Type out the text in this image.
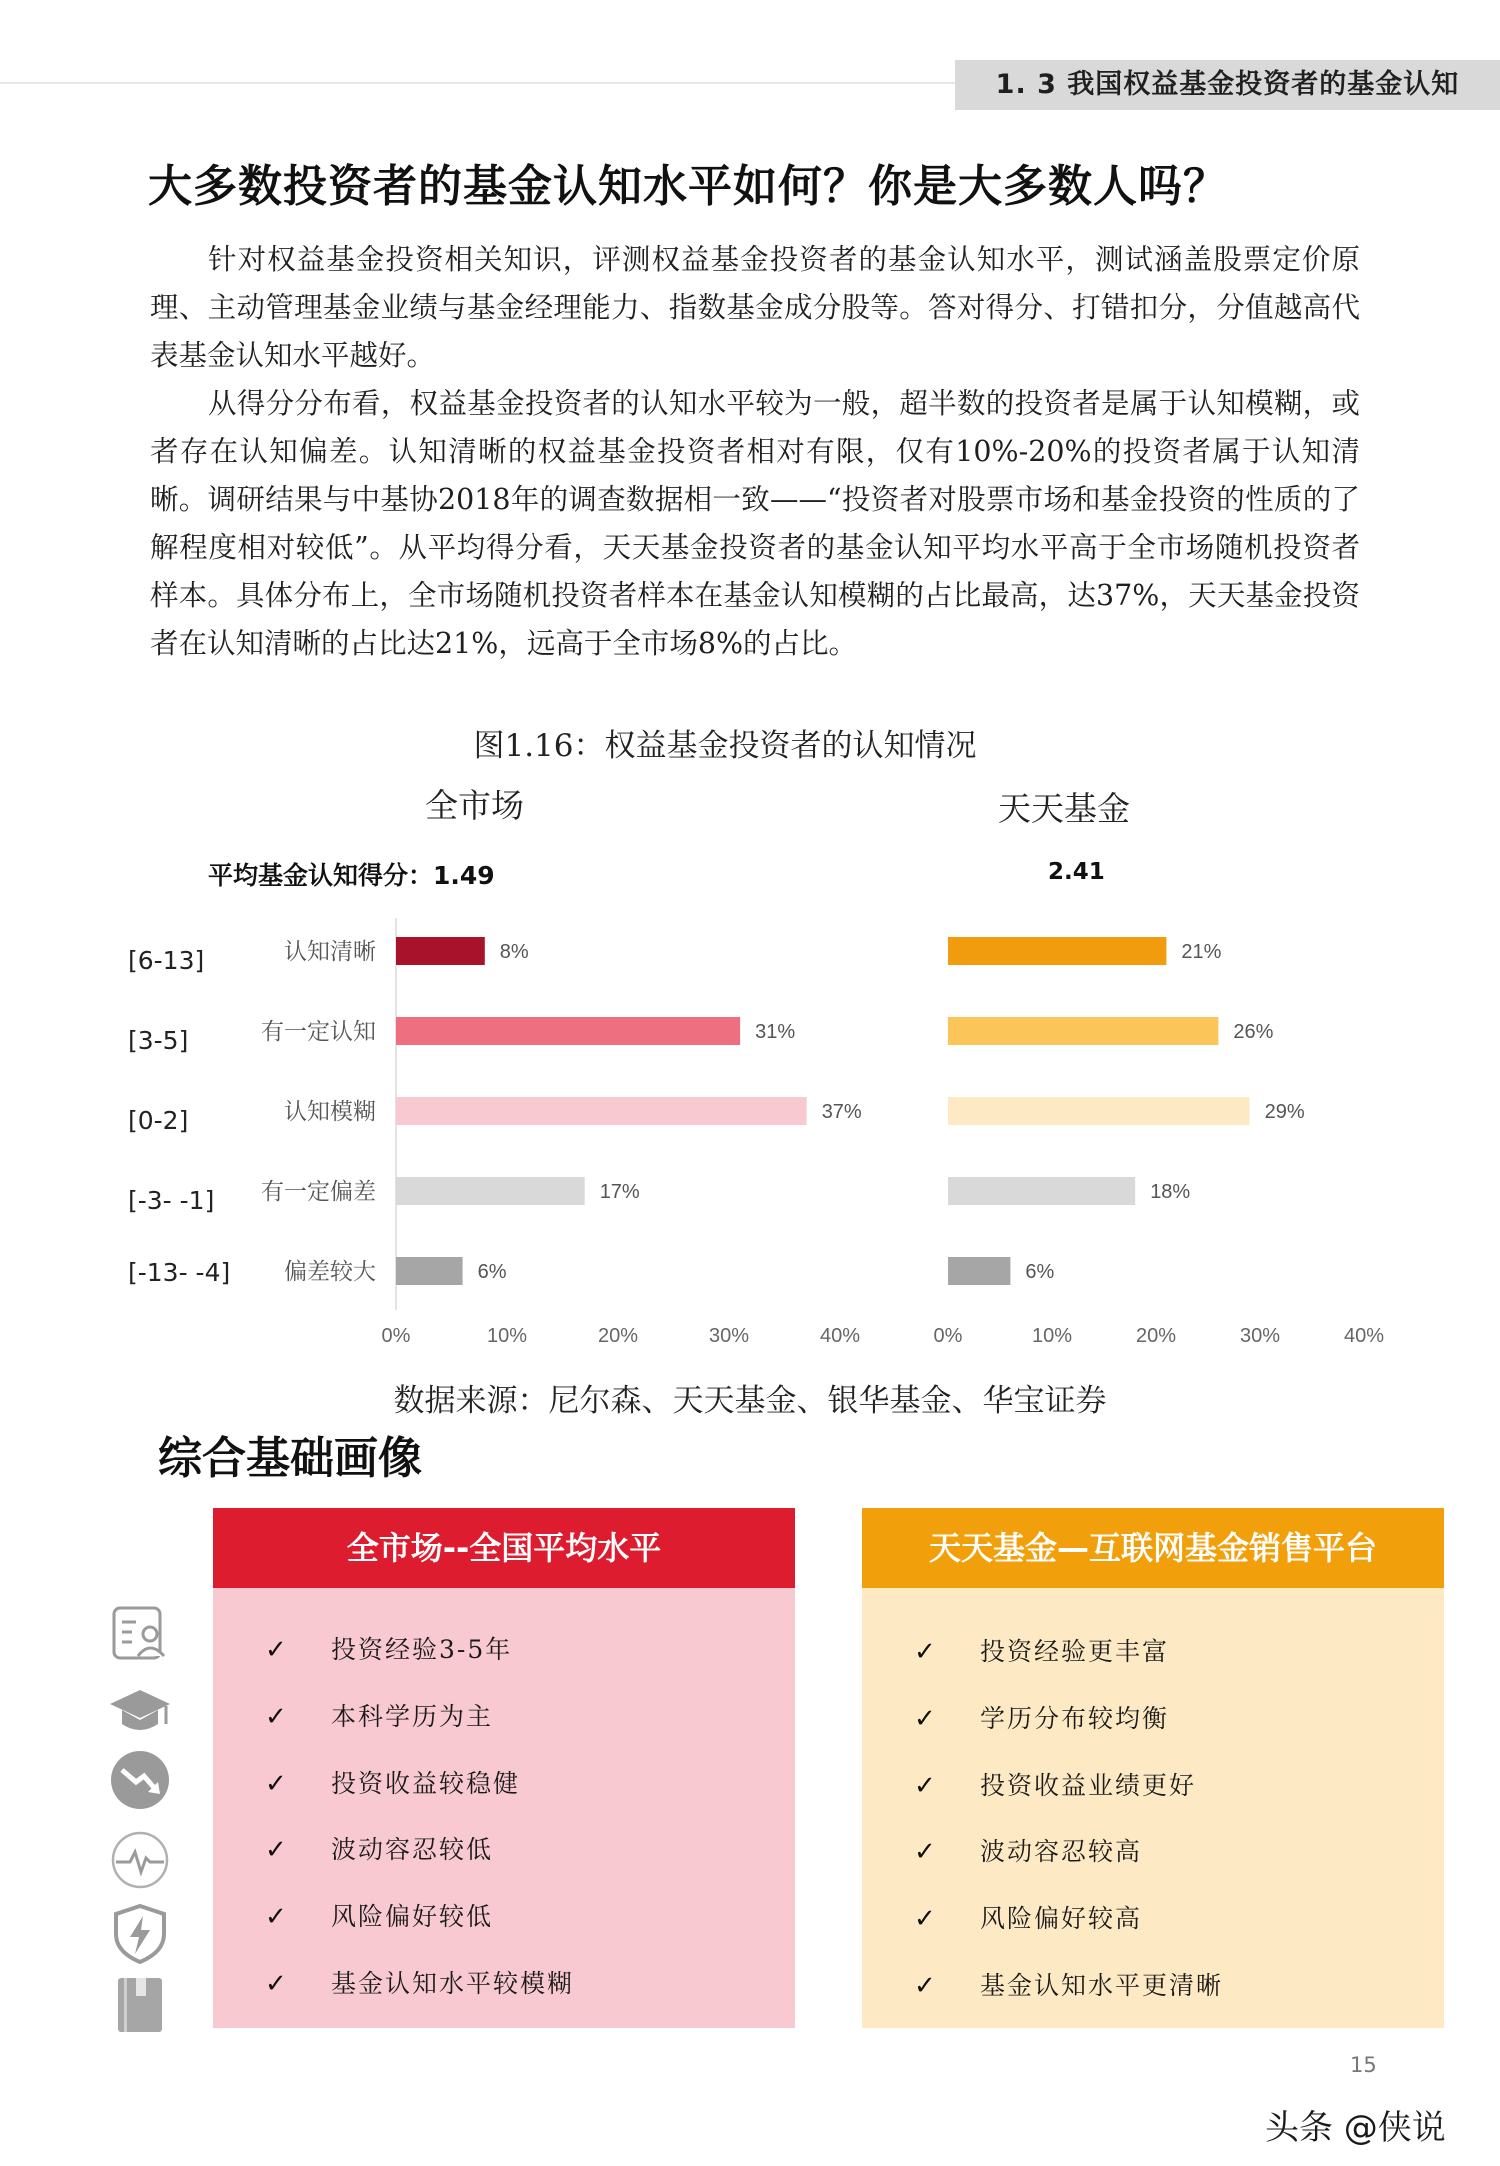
1. 3 我国权益基金投资者的基金认知
大多数投资者的基金认知水平如何？你是大多数人吗？

针对权益基金投资相关知识，评测权益基金投资者的基金认知水平，测试涵盖股票定价原理、主动管理基金业绩与基金经理能力、指数基金成分股等。答对得分、打错扣分，分值越高代表基金认知水平越好。

从得分分布看，权益基金投资者的认知水平较为一般，超半数的投资者是属于认知模糊，或者存在认知偏差。认知清晰的权益基金投资者相对有限，仅有10%-20%的投资者属于认知清晰。调研结果与中基协2018年的调查数据相一致——“投资者对股票市场和基金投资的性质的了解程度相对较低”。从平均得分看，天天基金投资者的基金认知平均水平高于全市场随机投资者样本。具体分布上，全市场随机投资者样本在基金认知模糊的占比最高，达37%，天天基金投资者在认知清晰的占比达21%，远高于全市场8%的占比。

图1.16：权益基金投资者的认知情况
全市场	天天基金
平均基金认知得分：1.49	2.41
8%
认知清晰
31%
有一定认知
37%
认知模糊
17%
有一定偏差
6%
偏差较大
[6-13]
[3-5]
[0-2]
[-3- -1]
[-13- -4]
0%	10%	20%	30%	40%
21%
26%
29%
18%
6%
0%	10%	20%	30%	40%
数据来源：尼尔森、天天基金、银华基金、华宝证券
综合基础画像
全市场--全国平均水平
✓ 投资经验3-5年
✓ 本科学历为主
✓ 投资收益较稳健
✓ 波动容忍较低
✓ 风险偏好较低
✓ 基金认知水平较模糊
天天基金—互联网基金销售平台
✓ 投资经验更丰富
✓ 学历分布较均衡
✓ 投资收益业绩更好
✓ 波动容忍较高
✓ 风险偏好较高
✓ 基金认知水平更清晰
15
头条 @侠说
